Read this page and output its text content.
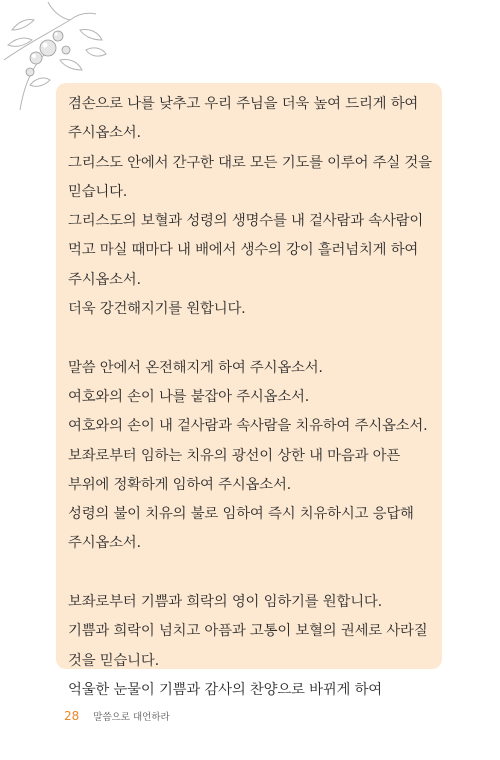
겸손으로 나를 낮추고 우리 주님을 더욱 높여 드리게 하여
주시옵소서.
그리스도 안에서 간구한 대로 모든 기도를 이루어 주실 것을
믿습니다.
그리스도의 보혈과 성령의 생명수를 내 겉사람과 속사람이
먹고 마실 때마다 내 배에서 생수의 강이 흘러넘치게 하여
주시옵소서.
더욱 강건해지기를 원합니다.
말씀 안에서 온전해지게 하여 주시옵소서.
여호와의 손이 나를 붙잡아 주시옵소서.
여호와의 손이 내 겉사람과 속사람을 치유하여 주시옵소서.
보좌로부터 임하는 치유의 광선이 상한 내 마음과 아픈
부위에 정확하게 임하여 주시옵소서.
성령의 불이 치유의 불로 임하여 즉시 치유하시고 응답해
주시옵소서.
보좌로부터 기쁨과 희락의 영이 임하기를 원합니다.
기쁨과 희락이 넘치고 아픔과 고통이 보혈의 권세로 사라질
것을 믿습니다.
억울한 눈물이 기쁨과 감사의 찬양으로 바뀌게 하여
28 말씀으로 대언하라
